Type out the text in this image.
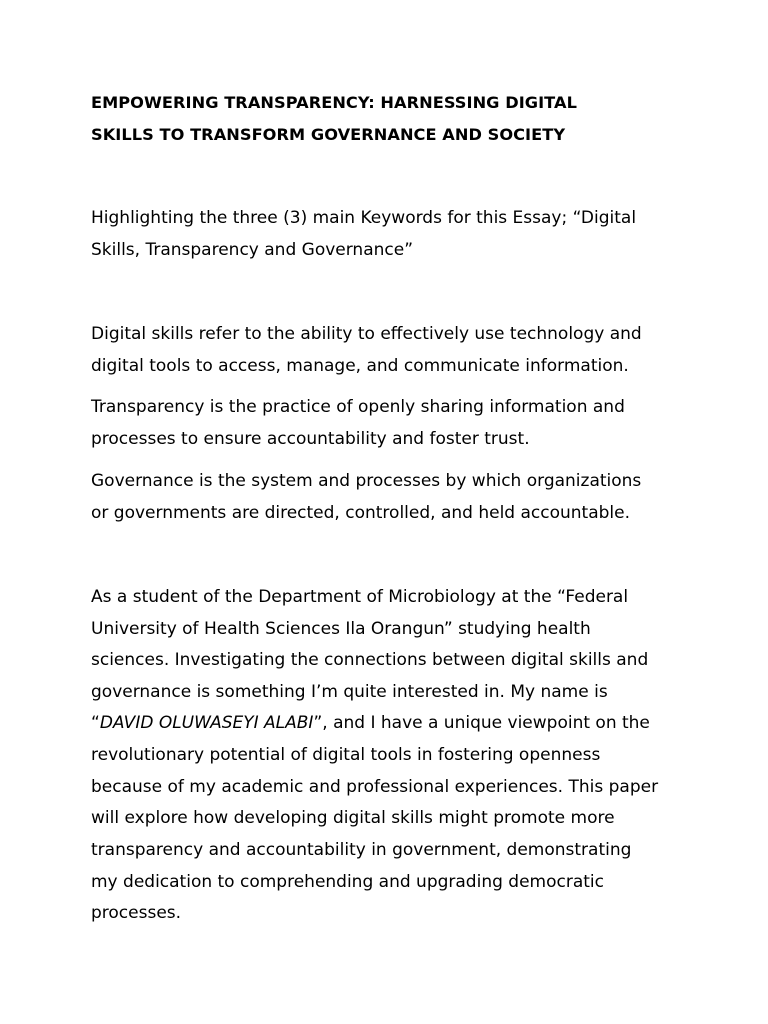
EMPOWERING TRANSPARENCY: HARNESSING DIGITAL
SKILLS TO TRANSFORM GOVERNANCE AND SOCIETY
Highlighting the three (3) main Keywords for this Essay; “Digital
Skills, Transparency and Governance”
Digital skills refer to the ability to effectively use technology and
digital tools to access, manage, and communicate information.
Transparency is the practice of openly sharing information and
processes to ensure accountability and foster trust.
Governance is the system and processes by which organizations
or governments are directed, controlled, and held accountable.
As a student of the Department of Microbiology at the “Federal
University of Health Sciences Ila Orangun” studying health
sciences. Investigating the connections between digital skills and
governance is something I’m quite interested in. My name is
“DAVID OLUWASEYI ALABI”, and I have a unique viewpoint on the
revolutionary potential of digital tools in fostering openness
because of my academic and professional experiences. This paper
will explore how developing digital skills might promote more
transparency and accountability in government, demonstrating
my dedication to comprehending and upgrading democratic
processes.
